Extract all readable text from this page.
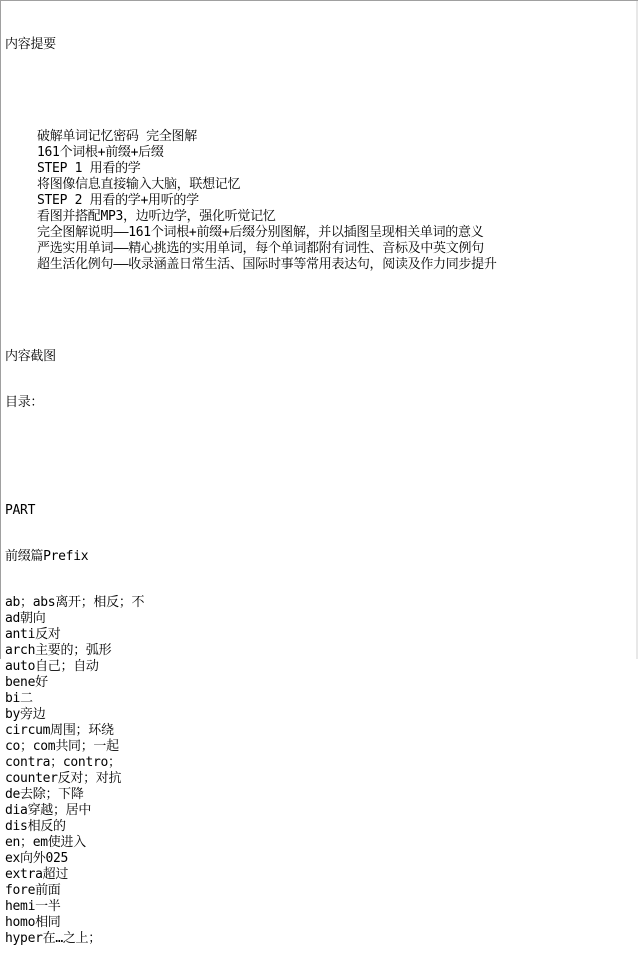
内容提要

破解单词记忆密码 完全图解
161个词根+前缀+后缀
STEP 1 用看的学
将图像信息直接输入大脑，联想记忆
STEP 2 用看的学+用听的学
看图并搭配MP3，边听边学，强化听觉记忆
完全图解说明——161个词根+前缀+后缀分别图解，并以插图呈现相关单词的意义
严选实用单词——精心挑选的实用单词，每个单词都附有词性、音标及中英文例句
超生活化例句——收录涵盖日常生活、国际时事等常用表达句，阅读及作力同步提升

内容截图

目录：

PART

前缀篇Prefix

ab；abs离开；相反；不
ad朝向
anti反对
arch主要的；弧形
auto自己；自动
bene好
bi二
by旁边
circum周围；环绕
co；com共同；一起
contra；contro；
counter反对；对抗
de去除；下降
dia穿越；居中
dis相反的
en；em使进入
ex向外025
extra超过
fore前面
hemi一半
homo相同
hyper在…之上；
